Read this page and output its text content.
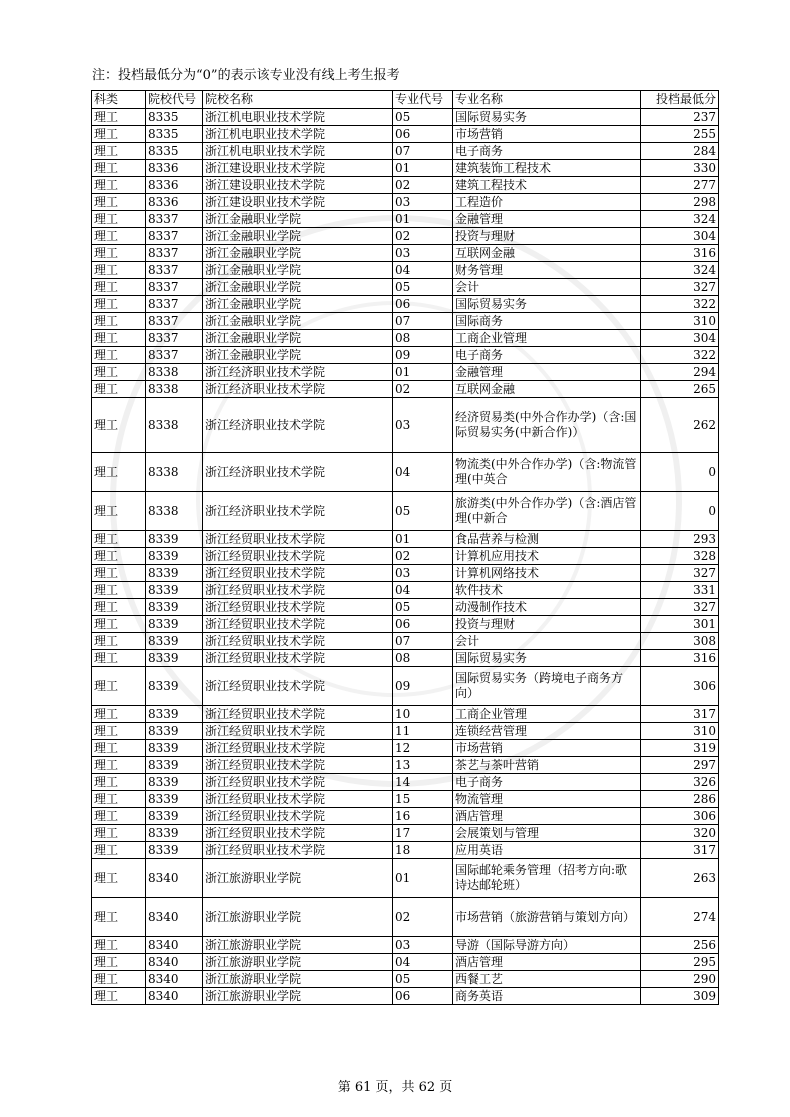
注：投档最低分为“0”的表示该专业没有线上考生报考
科类	院校代号	院校名称	专业代号	专业名称	投档最低分
理工	8335	浙江机电职业技术学院	05	国际贸易实务	237
理工	8335	浙江机电职业技术学院	06	市场营销	255
理工	8335	浙江机电职业技术学院	07	电子商务	284
理工	8336	浙江建设职业技术学院	01	建筑装饰工程技术	330
理工	8336	浙江建设职业技术学院	02	建筑工程技术	277
理工	8336	浙江建设职业技术学院	03	工程造价	298
理工	8337	浙江金融职业学院	01	金融管理	324
理工	8337	浙江金融职业学院	02	投资与理财	304
理工	8337	浙江金融职业学院	03	互联网金融	316
理工	8337	浙江金融职业学院	04	财务管理	324
理工	8337	浙江金融职业学院	05	会计	327
理工	8337	浙江金融职业学院	06	国际贸易实务	322
理工	8337	浙江金融职业学院	07	国际商务	310
理工	8337	浙江金融职业学院	08	工商企业管理	304
理工	8337	浙江金融职业学院	09	电子商务	322
理工	8338	浙江经济职业技术学院	01	金融管理	294
理工	8338	浙江经济职业技术学院	02	互联网金融	265
理工	8338	浙江经济职业技术学院	03	经济贸易类(中外合作办学)（含:国际贸易实务(中新合作)）	262
理工	8338	浙江经济职业技术学院	04	物流类(中外合作办学)（含:物流管理(中英合	0
理工	8338	浙江经济职业技术学院	05	旅游类(中外合作办学)（含:酒店管理(中新合	0
理工	8339	浙江经贸职业技术学院	01	食品营养与检测	293
理工	8339	浙江经贸职业技术学院	02	计算机应用技术	328
理工	8339	浙江经贸职业技术学院	03	计算机网络技术	327
理工	8339	浙江经贸职业技术学院	04	软件技术	331
理工	8339	浙江经贸职业技术学院	05	动漫制作技术	327
理工	8339	浙江经贸职业技术学院	06	投资与理财	301
理工	8339	浙江经贸职业技术学院	07	会计	308
理工	8339	浙江经贸职业技术学院	08	国际贸易实务	316
理工	8339	浙江经贸职业技术学院	09	国际贸易实务（跨境电子商务方向）	306
理工	8339	浙江经贸职业技术学院	10	工商企业管理	317
理工	8339	浙江经贸职业技术学院	11	连锁经营管理	310
理工	8339	浙江经贸职业技术学院	12	市场营销	319
理工	8339	浙江经贸职业技术学院	13	茶艺与茶叶营销	297
理工	8339	浙江经贸职业技术学院	14	电子商务	326
理工	8339	浙江经贸职业技术学院	15	物流管理	286
理工	8339	浙江经贸职业技术学院	16	酒店管理	306
理工	8339	浙江经贸职业技术学院	17	会展策划与管理	320
理工	8339	浙江经贸职业技术学院	18	应用英语	317
理工	8340	浙江旅游职业学院	01	国际邮轮乘务管理（招考方向:歌诗达邮轮班）	263
理工	8340	浙江旅游职业学院	02	市场营销（旅游营销与策划方向）	274
理工	8340	浙江旅游职业学院	03	导游（国际导游方向）	256
理工	8340	浙江旅游职业学院	04	酒店管理	295
理工	8340	浙江旅游职业学院	05	西餐工艺	290
理工	8340	浙江旅游职业学院	06	商务英语	309
第 61 页，共 62 页
